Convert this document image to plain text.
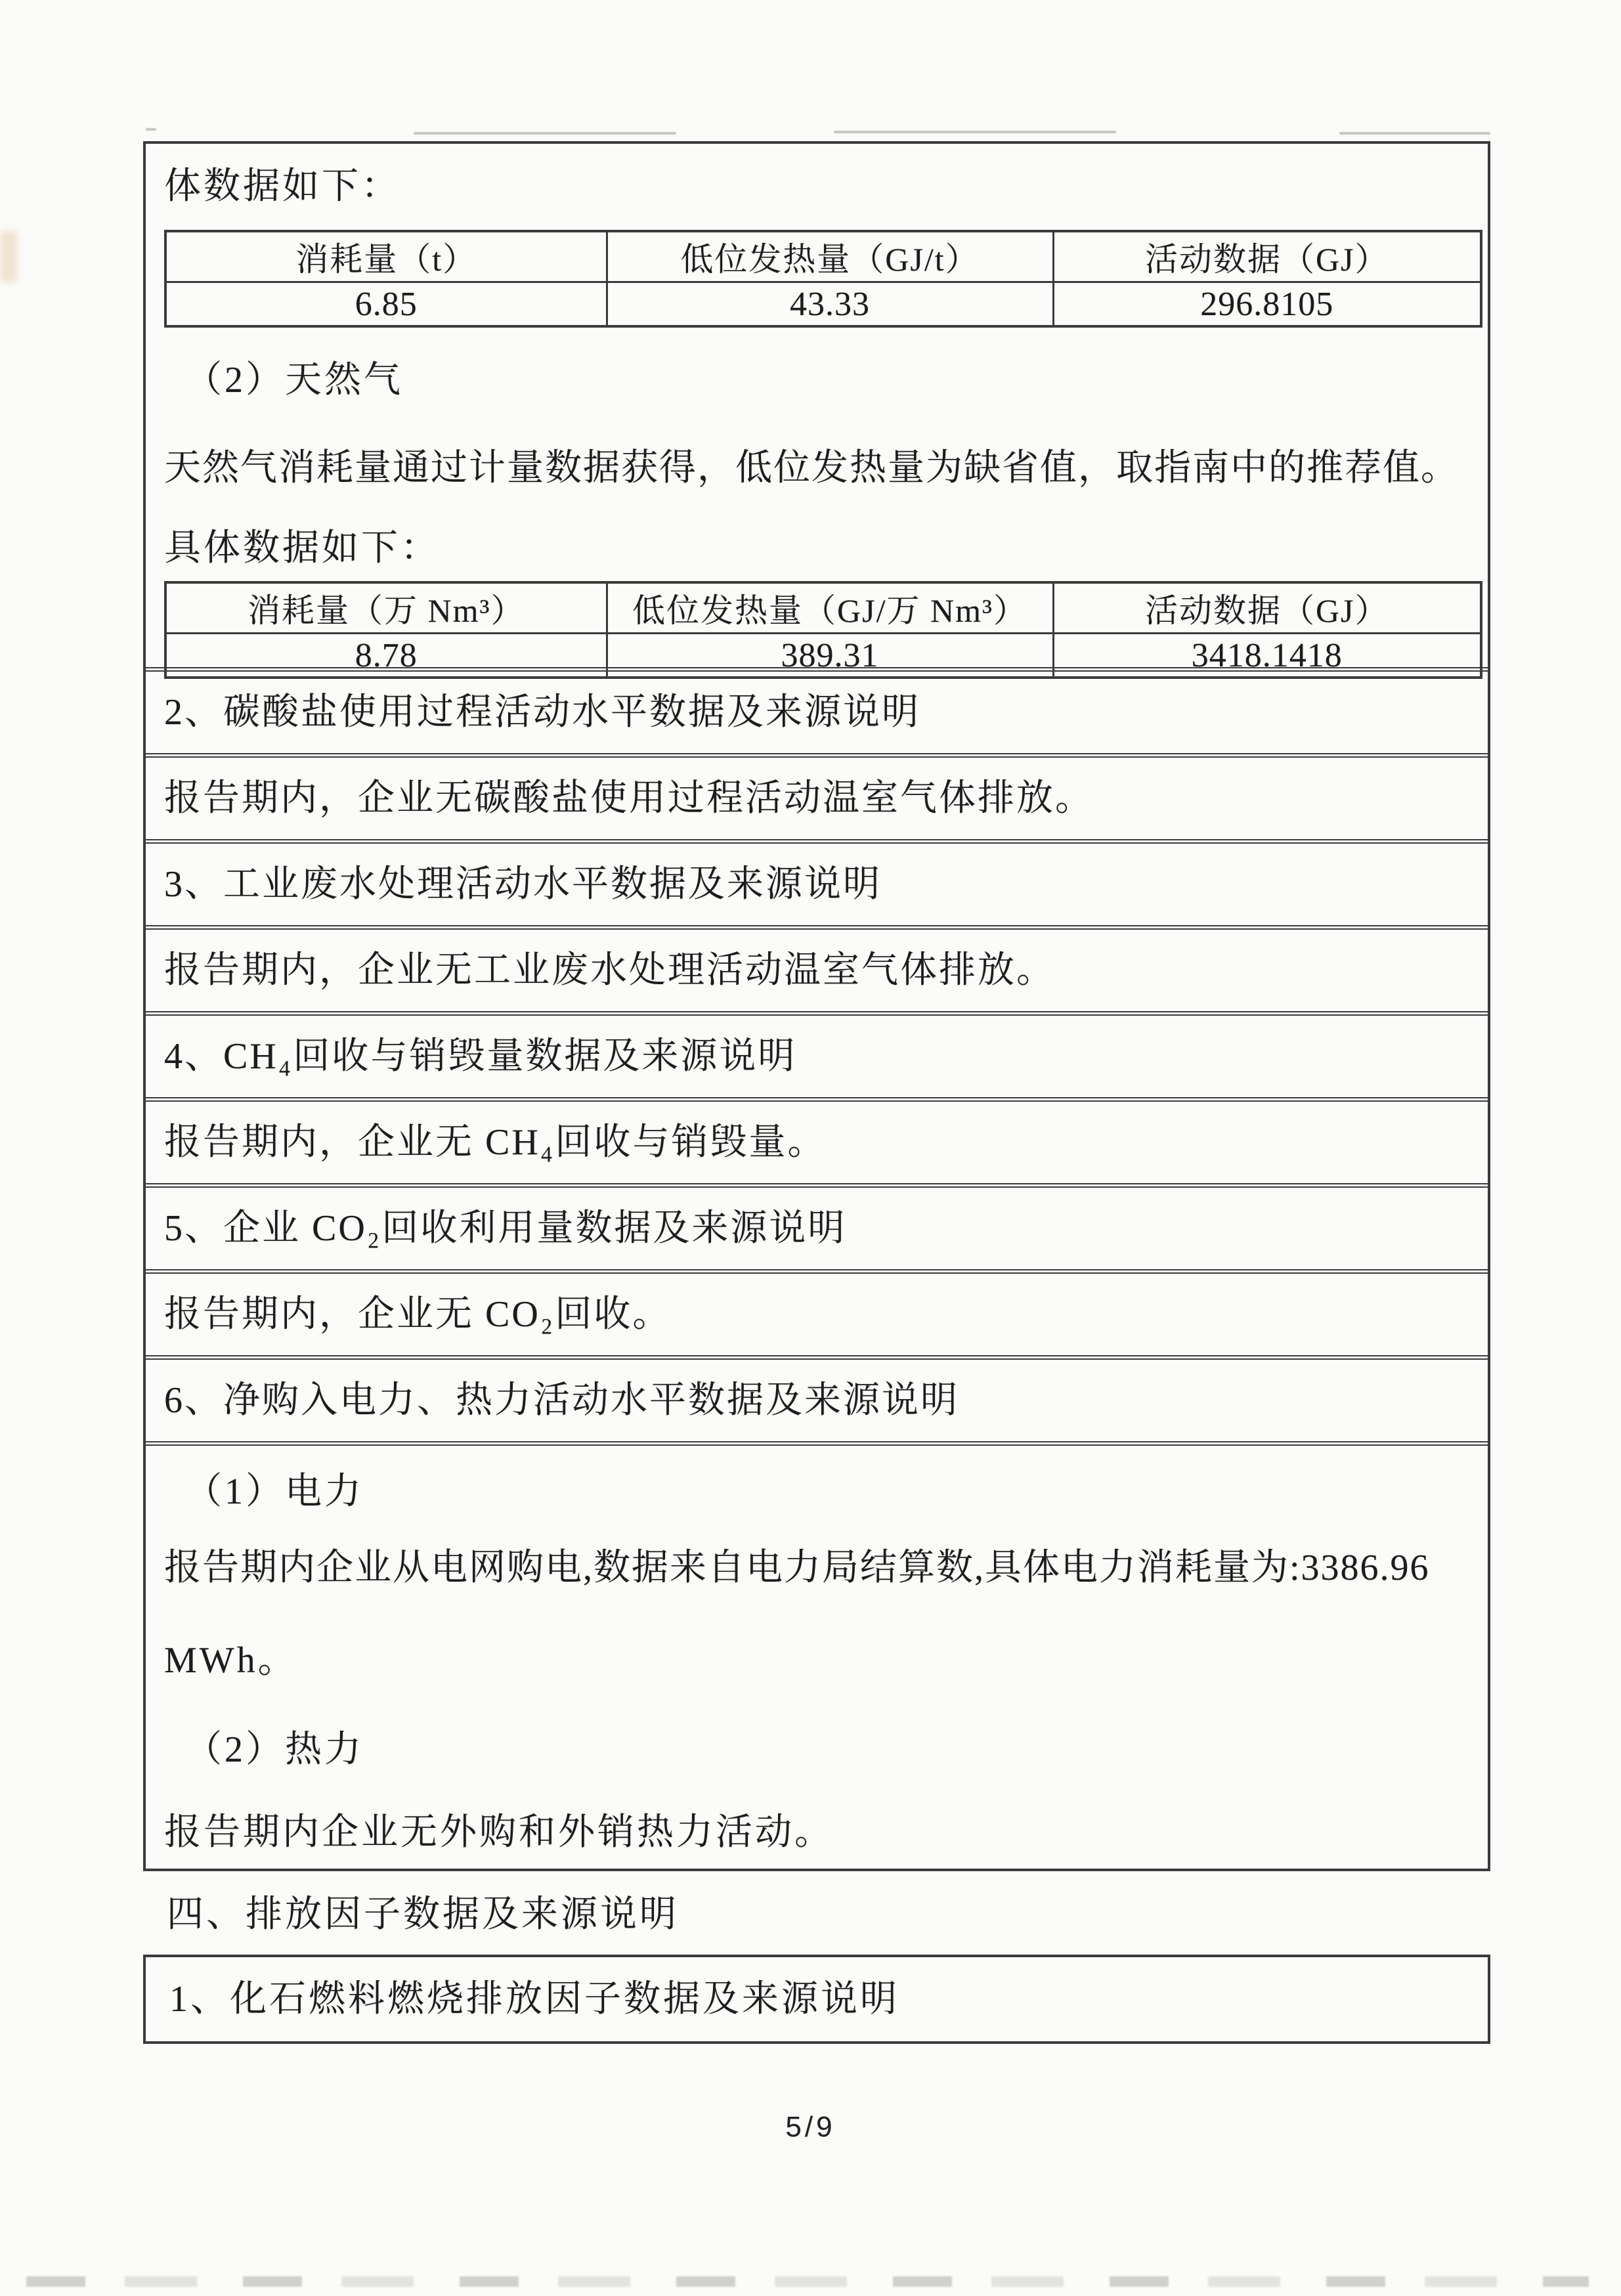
体数据如下：

消耗量（t）	低位发热量（GJ/t）	活动数据（GJ）
6.85	43.33	296.8105

（2）天然气

天然气消耗量通过计量数据获得，低位发热量为缺省值，取指南中的推荐值。

具体数据如下：

消耗量（万 Nm³）	低位发热量（GJ/万 Nm³）	活动数据（GJ）
8.78	389.31	3418.1418

2、碳酸盐使用过程活动水平数据及来源说明

报告期内，企业无碳酸盐使用过程活动温室气体排放。

3、工业废水处理活动水平数据及来源说明

报告期内，企业无工业废水处理活动温室气体排放。

4、CH₄回收与销毁量数据及来源说明

报告期内，企业无 CH₄回收与销毁量。

5、企业 CO₂回收利用量数据及来源说明

报告期内，企业无 CO₂回收。

6、净购入电力、热力活动水平数据及来源说明

（1）电力

报告期内企业从电网购电,数据来自电力局结算数,具体电力消耗量为:3386.96

MWh。

（2）热力

报告期内企业无外购和外销热力活动。

四、排放因子数据及来源说明

1、化石燃料燃烧排放因子数据及来源说明

5/9
